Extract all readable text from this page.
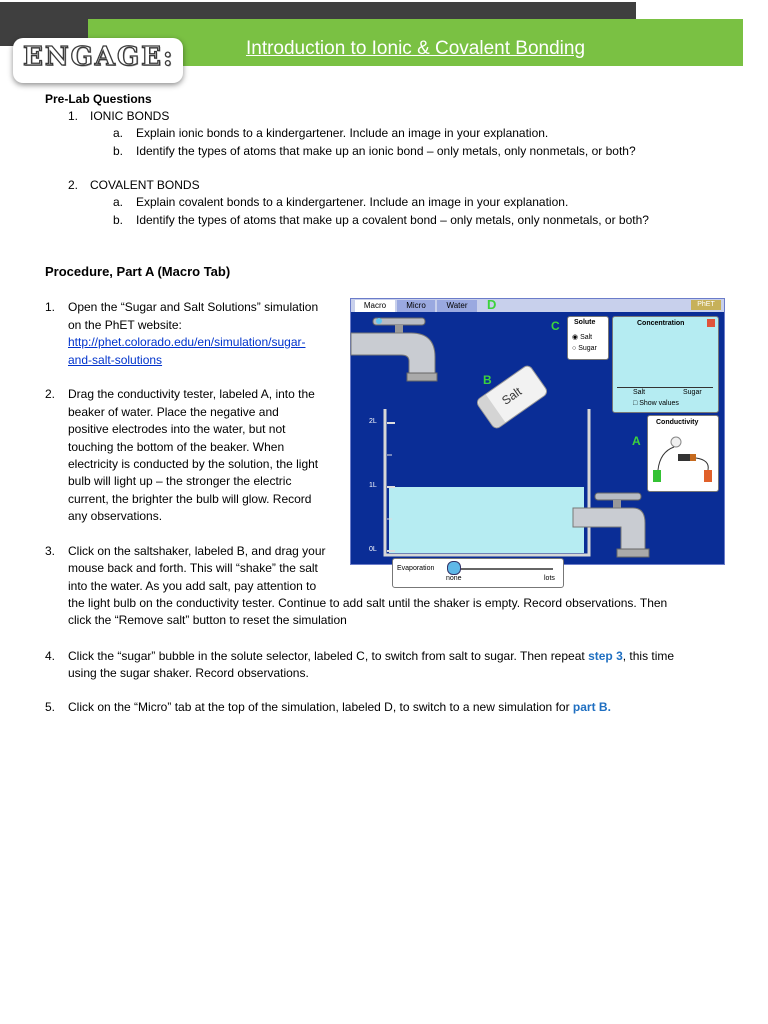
Introduction to Ionic & Covalent Bonding
ENGAGE:
Pre-Lab Questions
1. IONIC BONDS
a. Explain ionic bonds to a kindergartener. Include an image in your explanation.
b. Identify the types of atoms that make up an ionic bond – only metals, only nonmetals, or both?
2. COVALENT BONDS
a. Explain covalent bonds to a kindergartener. Include an image in your explanation.
b. Identify the types of atoms that make up a covalent bond – only metals, only nonmetals, or both?
Procedure, Part A (Macro Tab)
1. Open the “Sugar and Salt Solutions” simulation
on the PhET website:
http://phet.colorado.edu/en/simulation/sugar-
and-salt-solutions
2. Drag the conductivity tester, labeled A, into the
beaker of water. Place the negative and
positive electrodes into the water, but not
touching the bottom of the beaker. When
electricity is conducted by the solution, the light
bulb will light up – the stronger the electric
current, the brighter the bulb will glow. Record
any observations.
3. Click on the saltshaker, labeled B, and drag your
mouse back and forth. This will “shake” the salt
into the water. As you add salt, pay attention to
the light bulb on the conductivity tester. Continue to add salt until the shaker is empty. Record observations. Then
click the “Remove salt” button to reset the simulation
4. Click the “sugar” bubble in the solute selector, labeled C, to switch from salt to sugar. Then repeat step 3, this time
using the sugar shaker. Record observations.
5. Click on the “Micro” tab at the top of the simulation, labeled D, to switch to a new simulation for part B.
Macro	Micro	Water	D	PhET
C Solute
◉ Salt
○ Sugar
Concentration
Salt	Sugar
□ Show values
B
Salt
2L
1L
0L
A
Conductivity
Evaporation
none	lots
